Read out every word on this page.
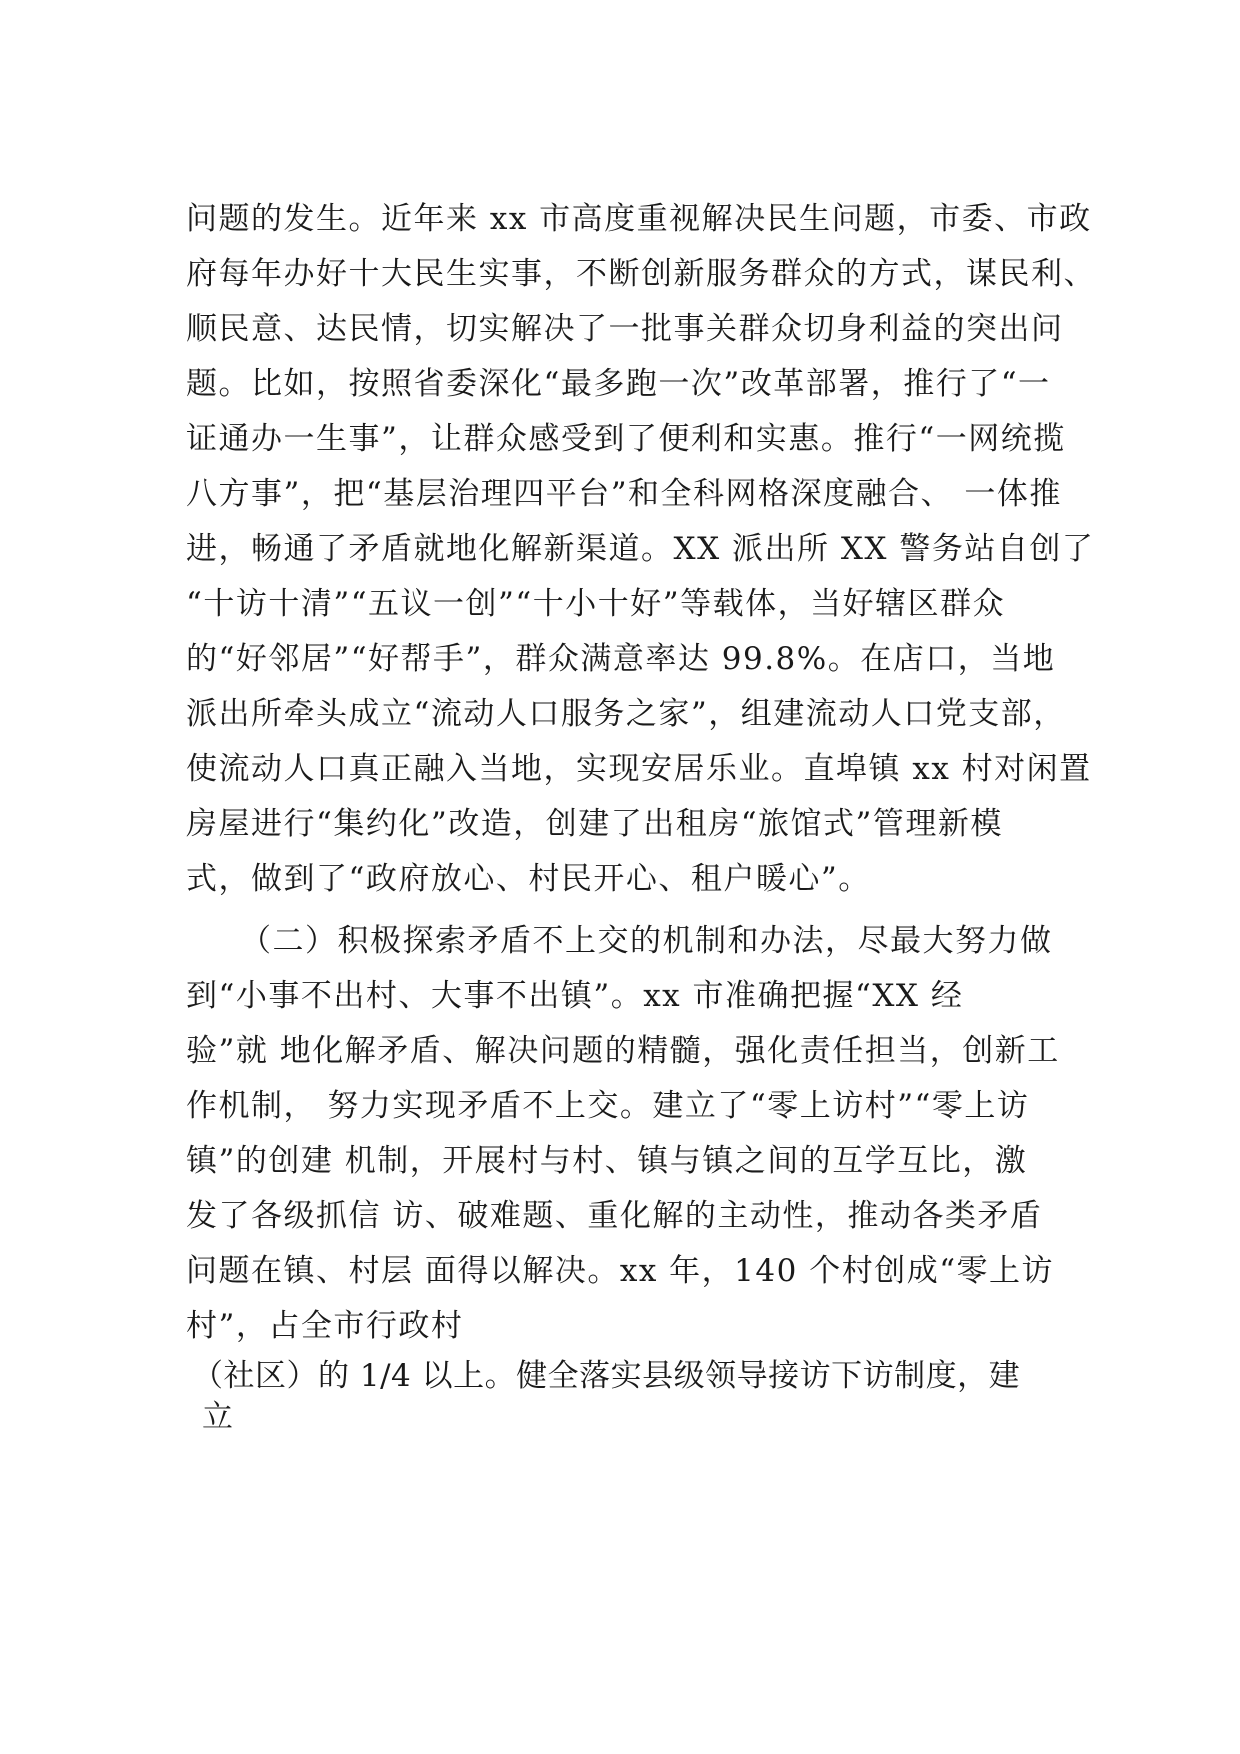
问题的发生。近年来 xx 市高度重视解决民生问题，市委、市政
府每年办好十大民生实事，不断创新服务群众的方式，谋民利、
顺民意、达民情，切实解决了一批事关群众切身利益的突出问
题。比如，按照省委深化“最多跑一次”改革部署，推行了“一
证通办一生事”，让群众感受到了便利和实惠。推行“一网统揽
八方事”，把“基层治理四平台”和全科网格深度融合、 一体推
进，畅通了矛盾就地化解新渠道。XX 派出所 XX 警务站自创了
“十访十清”“五议一创”“十小十好”等载体，当好辖区群众
的“好邻居”“好帮手”，群众满意率达 99.8%。在店口，当地
派出所牵头成立“流动人口服务之家”，组建流动人口党支部，
使流动人口真正融入当地，实现安居乐业。直埠镇 xx 村对闲置
房屋进行“集约化”改造，创建了出租房“旅馆式”管理新模
式，做到了“政府放心、村民开心、租户暖心”。
（二）积极探索矛盾不上交的机制和办法，尽最大努力做
到“小事不出村、大事不出镇”。xx 市准确把握“XX 经
验”就 地化解矛盾、解决问题的精髓，强化责任担当，创新工
作机制， 努力实现矛盾不上交。建立了“零上访村”“零上访
镇”的创建 机制，开展村与村、镇与镇之间的互学互比，激
发了各级抓信 访、破难题、重化解的主动性，推动各类矛盾
问题在镇、村层 面得以解决。xx 年，140 个村创成“零上访
村”，占全市行政村
（社区）的 1/4 以上。健全落实县级领导接访下访制度，建
立
